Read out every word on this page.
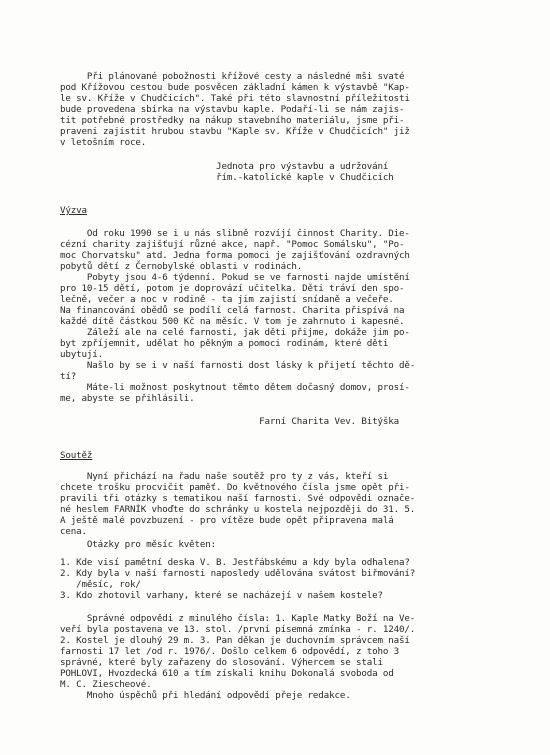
Při plánované pobožnosti křížové cesty a následné mši svaté
pod Křížovou cestou bude posvěcen základní kámen k výstavbě "Kap-
le sv. Kříže v Chudčicích". Také při této slavnostní příležitosti
bude provedena sbírka na výstavbu kaple. Podaří-li se nám zajis-
tit potřebné prostředky na nákup stavebního materiálu, jsme při-
praveni zajistit hrubou stavbu "Kaple sv. Kříže v Chudčicích" již
v letošním roce.
Jednota pro výstavbu a udržování
řím.-katolické kaple v Chudčicích
Výzva
Od roku 1990 se i u nás slibně rozvíjí činnost Charity. Die-
cézní charity zajišťují různé akce, např. "Pomoc Somálsku", "Po-
moc Chorvatsku" atd. Jedna forma pomoci je zajišťování ozdravných
pobytů dětí z Černobylské oblasti v rodinách.
Pobyty jsou 4-6 týdenní. Pokud se ve farnosti najde umístění
pro 10-15 dětí, potom je doprovází učitelka. Děti tráví den spo-
lečně, večer a noc v rodině - ta jim zajistí snídaně a večeře.
Na financování obědů se podílí celá farnost. Charita přispívá na
každé dítě částkou 500 Kč na měsíc. V tom je zahrnuto i kapesné.
Záleží ale na celé farnosti, jak děti přijme, dokáže jim po-
byt zpříjemnit, udělat ho pěkným a pomoci rodinám, které děti
ubytují.
Našlo by se i v naší farnosti dost lásky k přijetí těchto dě-
tí?
Máte-li možnost poskytnout těmto dětem dočasný domov, prosí-
me, abyste se přihlásili.
Farní Charita Vev. Bitýška
Soutěž
Nyní přichází na řadu naše soutěž pro ty z vás, kteří si
chcete trošku procvičit paměť. Do květnového čísla jsme opět při-
pravili tři otázky s tematikou naší farnosti. Své odpovědi označe-
né heslem FARNÍK vhoďte do schránky u kostela nejpozději do 31. 5.
A ještě malé povzbuzení - pro vítěze bude opět připravena malá
cena.
Otázky pro měsíc květen:
1. Kde visí pamětní deska V. B. Jestřábskému a kdy byla odhalena?
2. Kdy byla v naší farnosti naposledy udělována svátost biřmování?
/měsíc, rok/
3. Kdo zhotovil varhany, které se nacházejí v našem kostele?
Správné odpovědi z minulého čísla: 1. Kaple Matky Boží na Ve-
veří byla postavena ve 13. stol. /první písemná zmínka - r. 1240/.
2. Kostel je dlouhý 29 m. 3. Pan děkan je duchovním správcem naší
farnosti 17 let /od r. 1976/. Došlo celkem 6 odpovědí, z toho 3
správné, které byly zařazeny do slosování. Výhercem se stali
POHLOVI, Hvozdecká 610 a tím získali knihu Dokonalá svoboda od
M. C. Ziescheové.
Mnoho úspěchů při hledání odpovědí přeje redakce.
